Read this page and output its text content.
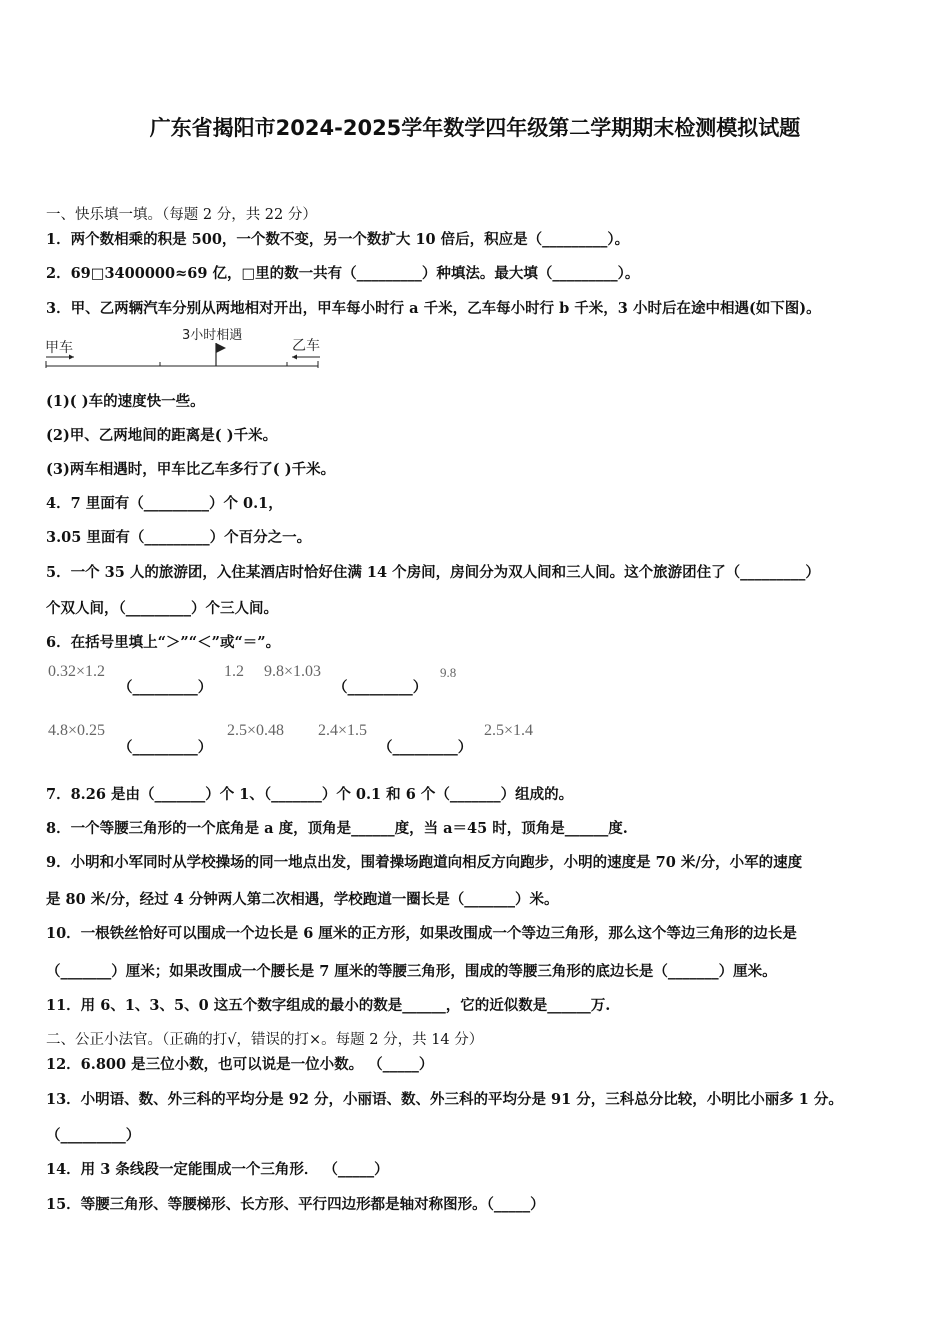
广东省揭阳市2024-2025学年数学四年级第二学期期末检测模拟试题
一、快乐填一填。（每题 2 分，共 22 分）
1．两个数相乘的积是 500，一个数不变，另一个数扩大 10 倍后，积应是（_________）。
2．69□3400000≈69 亿，□里的数一共有（_________）种填法。最大填（_________）。
3．甲、乙两辆汽车分别从两地相对开出，甲车每小时行 a 千米，乙车每小时行 b 千米，3 小时后在途中相遇(如下图)。
甲车
3小时相遇
乙车
(1)( )车的速度快一些。
(2)甲、乙两地间的距离是( )千米。
(3)两车相遇时，甲车比乙车多行了( )千米。
4．7 里面有（_________）个 0.1，
3.05 里面有（_________）个百分之一。
5．一个 35 人的旅游团，入住某酒店时恰好住满 14 个房间，房间分为双人间和三人间。这个旅游团住了（_________）
个双人间，（_________）个三人间。
6．在括号里填上“＞”“＜”或“＝”。
0.32×1.2
（_________）
1.2 9.8×1.03
（_________）
9.8
4.8×0.25
（_________）
2.5×0.48 2.4×1.5
（_________）
2.5×1.4
7．8.26 是由（_______）个 1、（_______）个 0.1 和 6 个（_______）组成的。
8．一个等腰三角形的一个底角是 a 度，顶角是______度，当 a＝45 时，顶角是______度.
9．小明和小军同时从学校操场的同一地点出发，围着操场跑道向相反方向跑步，小明的速度是 70 米/分，小军的速度
是 80 米/分，经过 4 分钟两人第二次相遇，学校跑道一圈长是（_______）米。
10．一根铁丝恰好可以围成一个边长是 6 厘米的正方形，如果改围成一个等边三角形，那么这个等边三角形的边长是
（_______）厘米；如果改围成一个腰长是 7 厘米的等腰三角形，围成的等腰三角形的底边长是（_______）厘米。
11．用 6、1、3、5、0 这五个数字组成的最小的数是______，它的近似数是______万.
二、公正小法官。（正确的打√，错误的打×。每题 2 分，共 14 分）
12．6.800 是三位小数，也可以说是一位小数。 （_____）
13．小明语、数、外三科的平均分是 92 分，小丽语、数、外三科的平均分是 91 分，三科总分比较，小明比小丽多 1 分。
（_________）
14．用 3 条线段一定能围成一个三角形． （_____）
15．等腰三角形、等腰梯形、长方形、平行四边形都是轴对称图形。（_____）
